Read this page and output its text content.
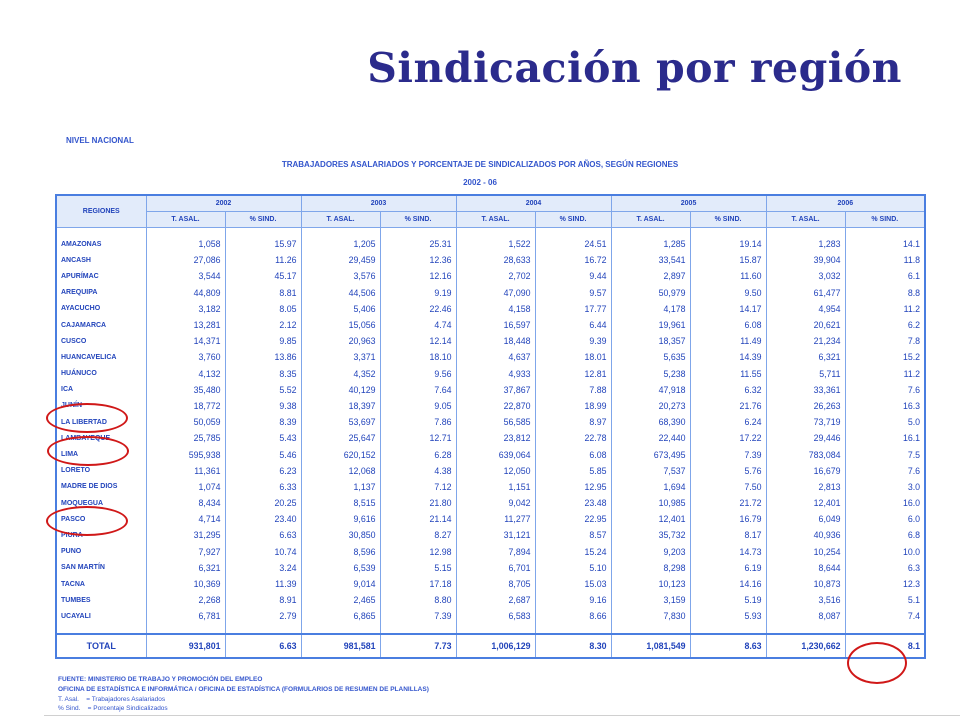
Sindicación por región
NIVEL NACIONAL
TRABAJADORES ASALARIADOS Y PORCENTAJE DE SINDICALIZADOS POR AÑOS, SEGÚN REGIONES
2002 - 06
REGIONES	2002		2003		2004		2005		2006	
	T. ASAL.	% SIND.	T. ASAL.	% SIND.	T. ASAL.	% SIND.	T. ASAL.	% SIND.	T. ASAL.	% SIND.

AMAZONAS	1,058	15.97	1,205	25.31	1,522	24.51	1,285	19.14	1,283	14.1
ANCASH	27,086	11.26	29,459	12.36	28,633	16.72	33,541	15.87	39,904	11.8
APURÍMAC	3,544	45.17	3,576	12.16	2,702	9.44	2,897	11.60	3,032	6.1
AREQUIPA	44,809	8.81	44,506	9.19	47,090	9.57	50,979	9.50	61,477	8.8
AYACUCHO	3,182	8.05	5,406	22.46	4,158	17.77	4,178	14.17	4,954	11.2
CAJAMARCA	13,281	2.12	15,056	4.74	16,597	6.44	19,961	6.08	20,621	6.2
CUSCO	14,371	9.85	20,963	12.14	18,448	9.39	18,357	11.49	21,234	7.8
HUANCAVELICA	3,760	13.86	3,371	18.10	4,637	18.01	5,635	14.39	6,321	15.2
HUÁNUCO	4,132	8.35	4,352	9.56	4,933	12.81	5,238	11.55	5,711	11.2
ICA	35,480	5.52	40,129	7.64	37,867	7.88	47,918	6.32	33,361	7.6
JUNÍN	18,772	9.38	18,397	9.05	22,870	18.99	20,273	21.76	26,263	16.3
LA LIBERTAD	50,059	8.39	53,697	7.86	56,585	8.97	68,390	6.24	73,719	5.0
LAMBAYEQUE	25,785	5.43	25,647	12.71	23,812	22.78	22,440	17.22	29,446	16.1
LIMA	595,938	5.46	620,152	6.28	639,064	6.08	673,495	7.39	783,084	7.5
LORETO	11,361	6.23	12,068	4.38	12,050	5.85	7,537	5.76	16,679	7.6
MADRE DE DIOS	1,074	6.33	1,137	7.12	1,151	12.95	1,694	7.50	2,813	3.0
MOQUEGUA	8,434	20.25	8,515	21.80	9,042	23.48	10,985	21.72	12,401	16.0
PASCO	4,714	23.40	9,616	21.14	11,277	22.95	12,401	16.79	6,049	6.0
PIURA	31,295	6.63	30,850	8.27	31,121	8.57	35,732	8.17	40,936	6.8
PUNO	7,927	10.74	8,596	12.98	7,894	15.24	9,203	14.73	10,254	10.0
SAN MARTÍN	6,321	3.24	6,539	5.15	6,701	5.10	8,298	6.19	8,644	6.3
TACNA	10,369	11.39	9,014	17.18	8,705	15.03	10,123	14.16	10,873	12.3
TUMBES	2,268	8.91	2,465	8.80	2,687	9.16	3,159	5.19	3,516	5.1
UCAYALI	6,781	2.79	6,865	7.39	6,583	8.66	7,830	5.93	8,087	7.4

TOTAL	931,801	6.63	981,581	7.73	1,006,129	8.30	1,081,549	8.63	1,230,662	8.1
FUENTE: MINISTERIO DE TRABAJO Y PROMOCIÓN DEL EMPLEO
OFICINA DE ESTADÍSTICA E INFORMÁTICA / OFICINA DE ESTADÍSTICA (FORMULARIOS DE RESUMEN DE PLANILLAS)
T. Asal. = Trabajadores Asalariados
% Sind. = Porcentaje Sindicalizados
